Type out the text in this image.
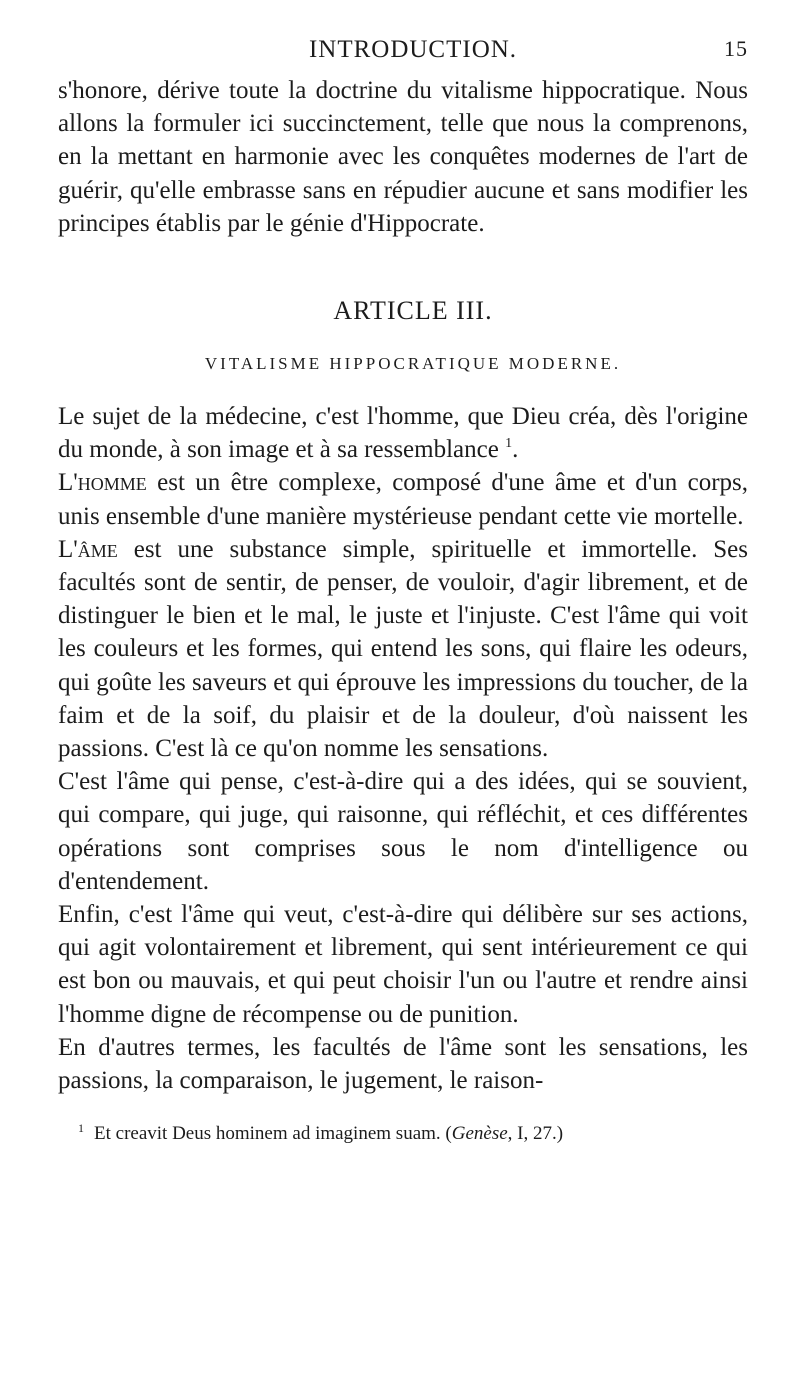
INTRODUCTION.	15

s'honore, dérive toute la doctrine du vitalisme hippocratique. Nous allons la formuler ici succinctement, telle que nous la comprenons, en la mettant en harmonie avec les conquêtes modernes de l'art de guérir, qu'elle embrasse sans en répudier aucune et sans modifier les principes établis par le génie d'Hippocrate.

ARTICLE III.
VITALISME HIPPOCRATIQUE MODERNE.

Le sujet de la médecine, c'est l'homme, que Dieu créa, dès l'origine du monde, à son image et à sa ressemblance $^1$.

L'homme est un être complexe, composé d'une âme et d'un corps, unis ensemble d'une manière mystérieuse pendant cette vie mortelle.

L'âme est une substance simple, spirituelle et immortelle. Ses facultés sont de sentir, de penser, de vouloir, d'agir librement, et de distinguer le bien et le mal, le juste et l'injuste. C'est l'âme qui voit les couleurs et les formes, qui entend les sons, qui flaire les odeurs, qui goûte les saveurs et qui éprouve les impressions du toucher, de la faim et de la soif, du plaisir et de la douleur, d'où naissent les passions. C'est là ce qu'on nomme les sensations.

C'est l'âme qui pense, c'est-à-dire qui a des idées, qui se souvient, qui compare, qui juge, qui raisonne, qui réfléchit, et ces différentes opérations sont comprises sous le nom d'intelligence ou d'entendement.

Enfin, c'est l'âme qui veut, c'est-à-dire qui délibère sur ses actions, qui agit volontairement et librement, qui sent intérieurement ce qui est bon ou mauvais, et qui peut choisir l'un ou l'autre et rendre ainsi l'homme digne de récompense ou de punition.

En d'autres termes, les facultés de l'âme sont les sensations, les passions, la comparaison, le jugement, le raison-

$^1$ Et creavit Deus hominem ad imaginem suam. (Genèse, I, 27.)
